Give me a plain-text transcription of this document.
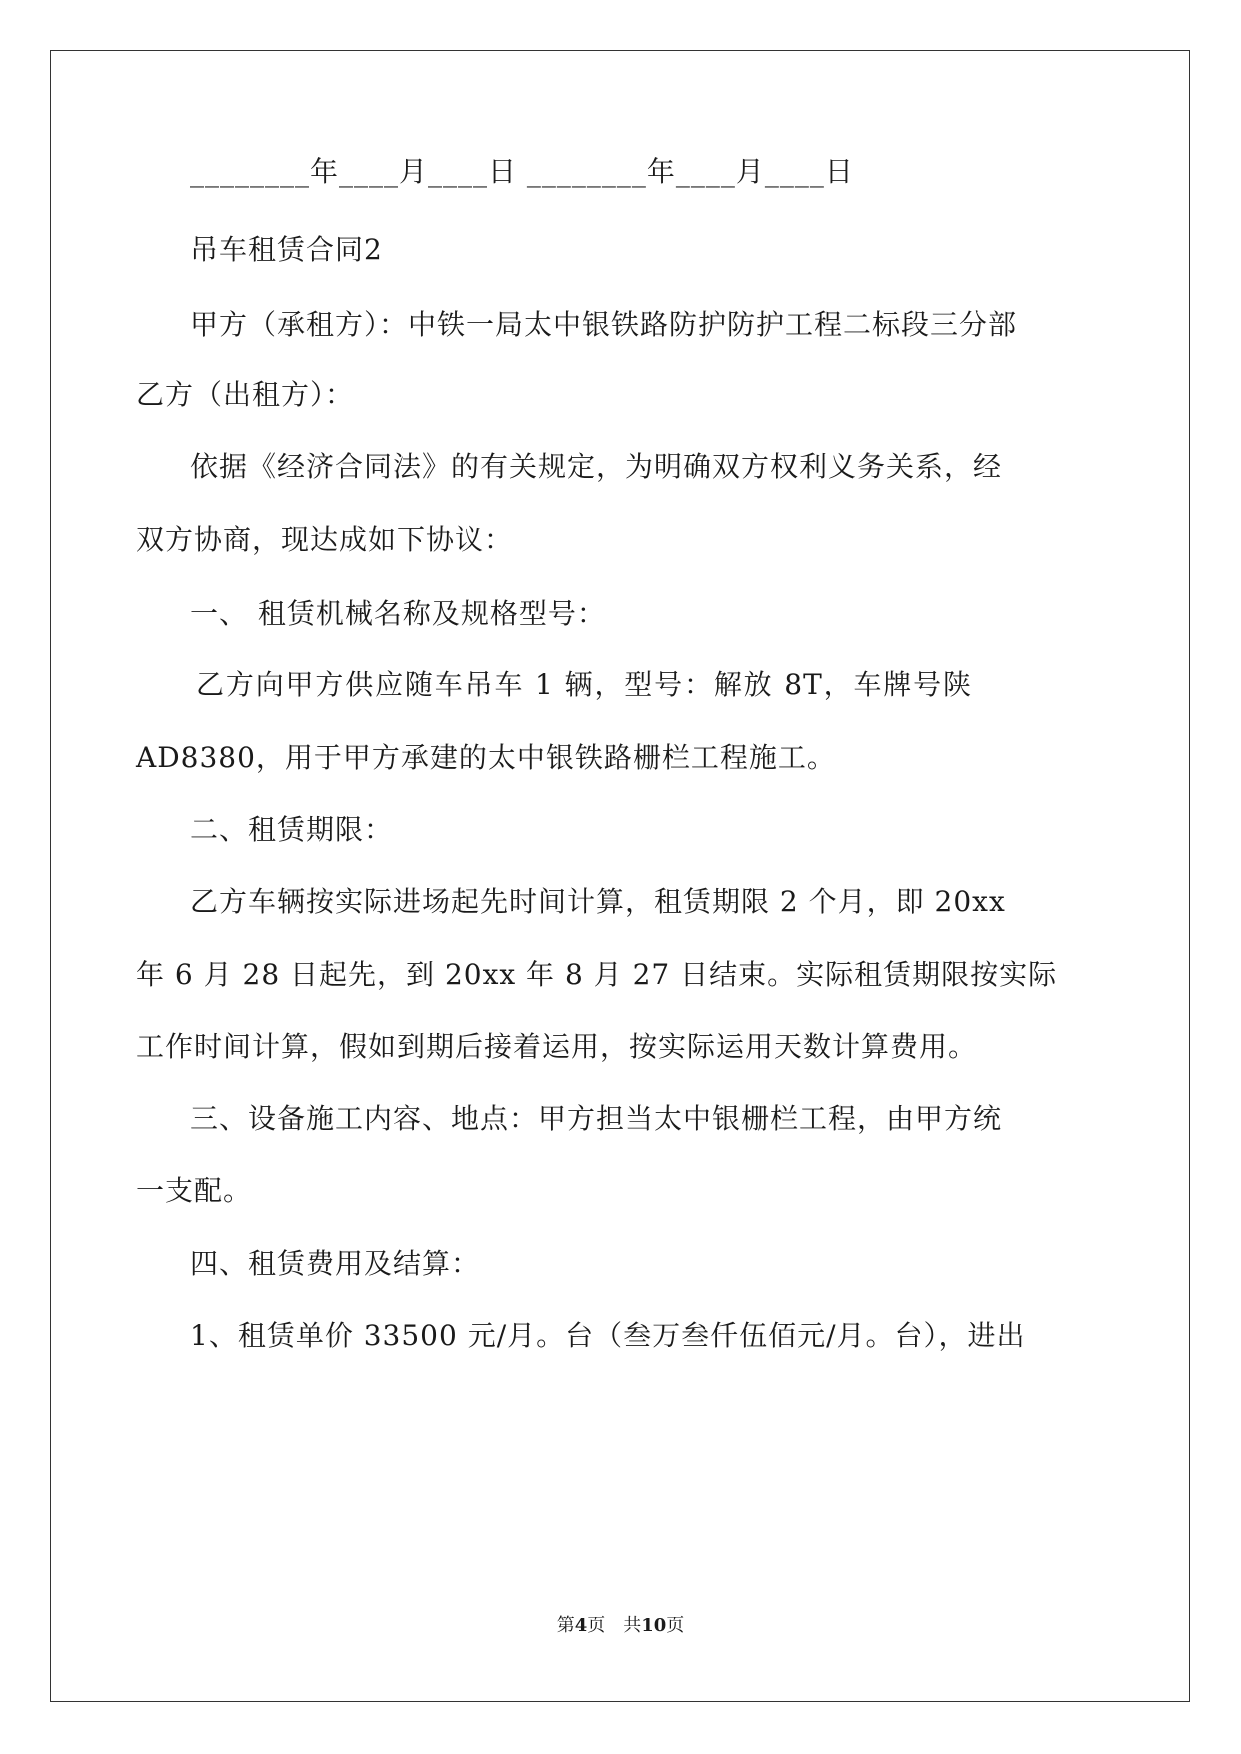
________年____月____日 ________年____月____日
吊车租赁合同2
甲方（承租方）：中铁一局太中银铁路防护防护工程二标段三分部
乙方（出租方）：
依据《经济合同法》的有关规定，为明确双方权利义务关系，经
双方协商，现达成如下协议：
一、 租赁机械名称及规格型号：
乙方向甲方供应随车吊车 1 辆，型号：解放 8T，车牌号陕
AD8380，用于甲方承建的太中银铁路栅栏工程施工。
二、租赁期限：
乙方车辆按实际进场起先时间计算，租赁期限 2 个月，即 20xx
年 6 月 28 日起先，到 20xx 年 8 月 27 日结束。实际租赁期限按实际
工作时间计算，假如到期后接着运用，按实际运用天数计算费用。
三、设备施工内容、地点：甲方担当太中银栅栏工程，由甲方统
一支配。
四、租赁费用及结算：
1、租赁单价 33500 元/月。台（叁万叁仟伍佰元/月。台），进出
第4页　共10页
